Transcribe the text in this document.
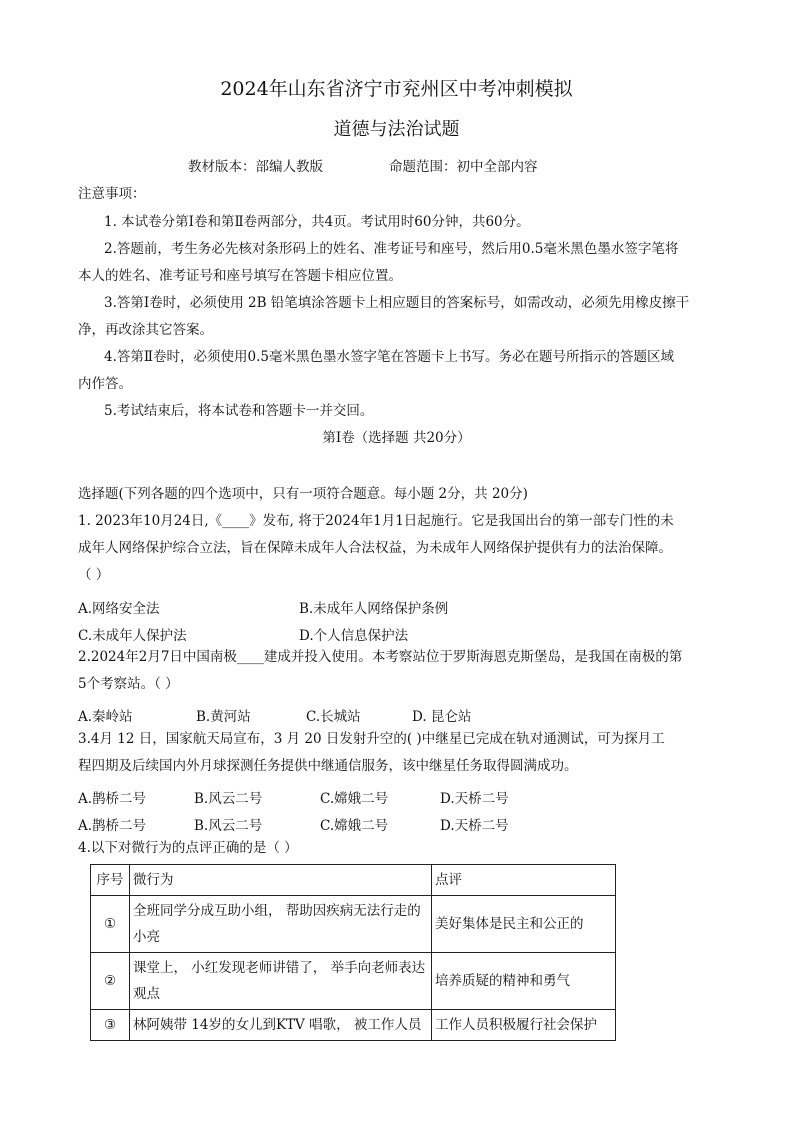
2024年山东省济宁市兖州区中考冲刺模拟
道德与法治试题
教材版本：部编人教版	命题范围：初中全部内容
注意事项：
1. 本试卷分第Ⅰ卷和第Ⅱ卷两部分，共4页。考试用时60分钟，共60分。
2.答题前，考生务必先核对条形码上的姓名、准考证号和座号，然后用0.5毫米黑色墨水签字笔将
本人的姓名、准考证号和座号填写在答题卡相应位置。
3.答第Ⅰ卷时，必须使用 2B 铅笔填涂答题卡上相应题目的答案标号，如需改动，必须先用橡皮擦干
净，再改涂其它答案。
4.答第Ⅱ卷时，必须使用0.5毫米黑色墨水签字笔在答题卡上书写。务必在题号所指示的答题区域
内作答。
5.考试结束后，将本试卷和答题卡一并交回。
第Ⅰ卷（选择题 共20分）
选择题(下列各题的四个选项中，只有一项符合题意。每小题 2分，共 20分)
1. 2023年10月24日,《____》发布, 将于2024年1月1日起施行。它是我国出台的第一部专门性的未
成年人网络保护综合立法，旨在保障未成年人合法权益，为未成年人网络保护提供有力的法治保障。
（ ）
A.网络安全法	B.未成年人网络保护条例
C.未成年人保护法	D.个人信息保护法
2.2024年2月7日中国南极____建成并投入使用。本考察站位于罗斯海恩克斯堡岛，是我国在南极的第
5个考察站。（ ）
A.秦岭站	B.黄河站	C.长城站	D. 昆仑站
3.4月 12 日，国家航天局宣布，3 月 20 日发射升空的( )中继星已完成在轨对通测试，可为探月工
程四期及后续国内外月球探测任务提供中继通信服务，该中继星任务取得圆满成功。
A.鹊桥二号	B.风云二号	C.嫦娥二号	D.天桥二号
A.鹊桥二号	B.风云二号	C.嫦娥二号	D.天桥二号
4.以下对微行为的点评正确的是（ ）
序号	微行为	点评
①	全班同学分成互助小组， 帮助因疾病无法行走的小亮	美好集体是民主和公正的
②	课堂上， 小红发现老师讲错了， 举手向老师表达观点	培养质疑的精神和勇气
③	林阿姨带 14岁的女儿到KTV 唱歌， 被工作人员	工作人员积极履行社会保护
